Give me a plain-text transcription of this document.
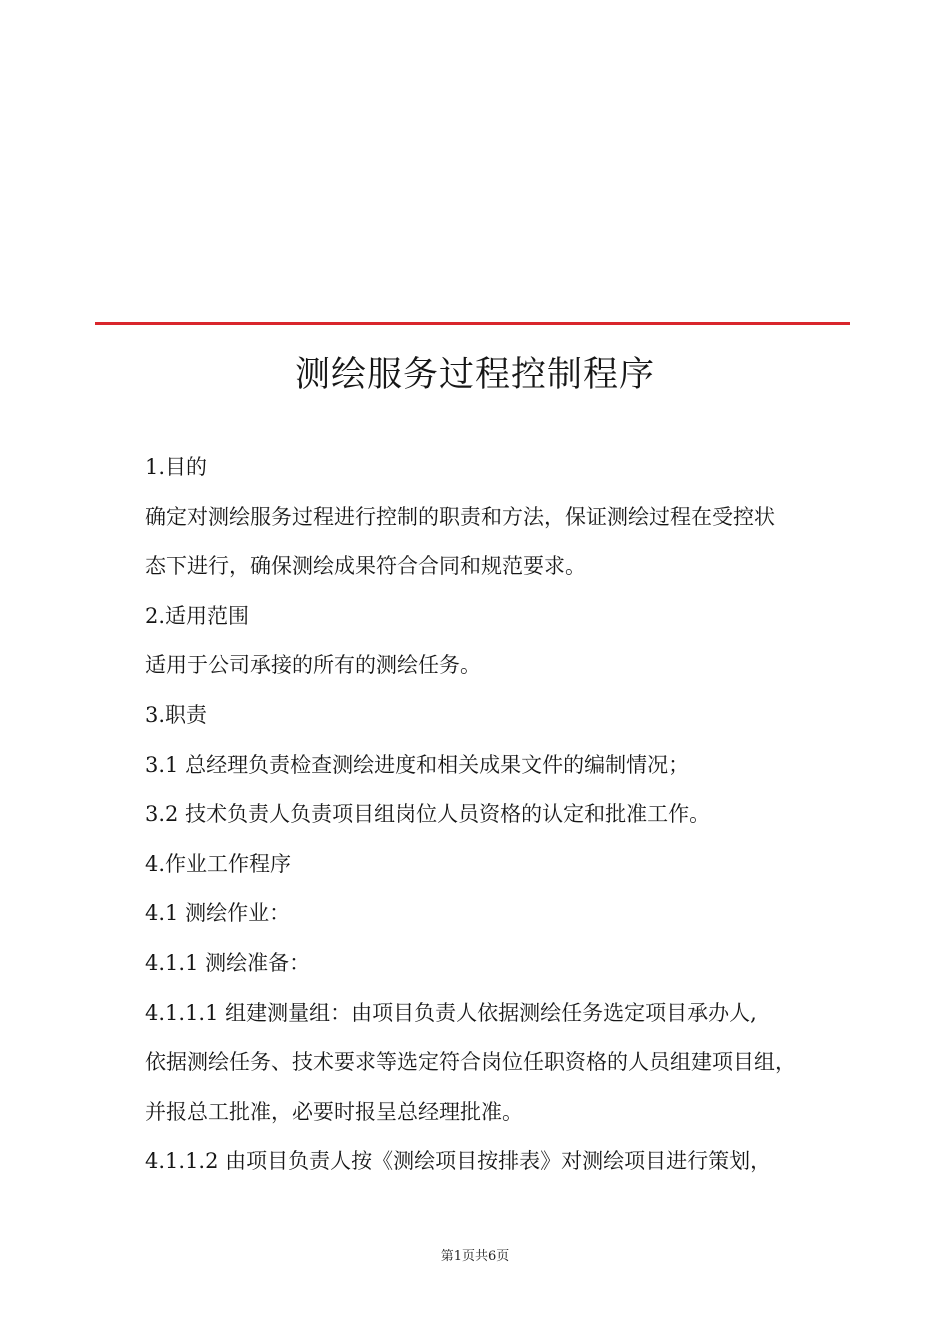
测绘服务过程控制程序
1.目的
确定对测绘服务过程进行控制的职责和方法，保证测绘过程在受控状
态下进行，确保测绘成果符合合同和规范要求。
2.适用范围
适用于公司承接的所有的测绘任务。
3.职责
3.1 总经理负责检查测绘进度和相关成果文件的编制情况；
3.2 技术负责人负责项目组岗位人员资格的认定和批准工作。
4.作业工作程序
4.1 测绘作业：
4.1.1 测绘准备：
4.1.1.1 组建测量组：由项目负责人依据测绘任务选定项目承办人,
依据测绘任务、技术要求等选定符合岗位任职资格的人员组建项目组，
并报总工批准，必要时报呈总经理批准。
4.1.1.2 由项目负责人按《测绘项目按排表》对测绘项目进行策划，
第1页共6页
